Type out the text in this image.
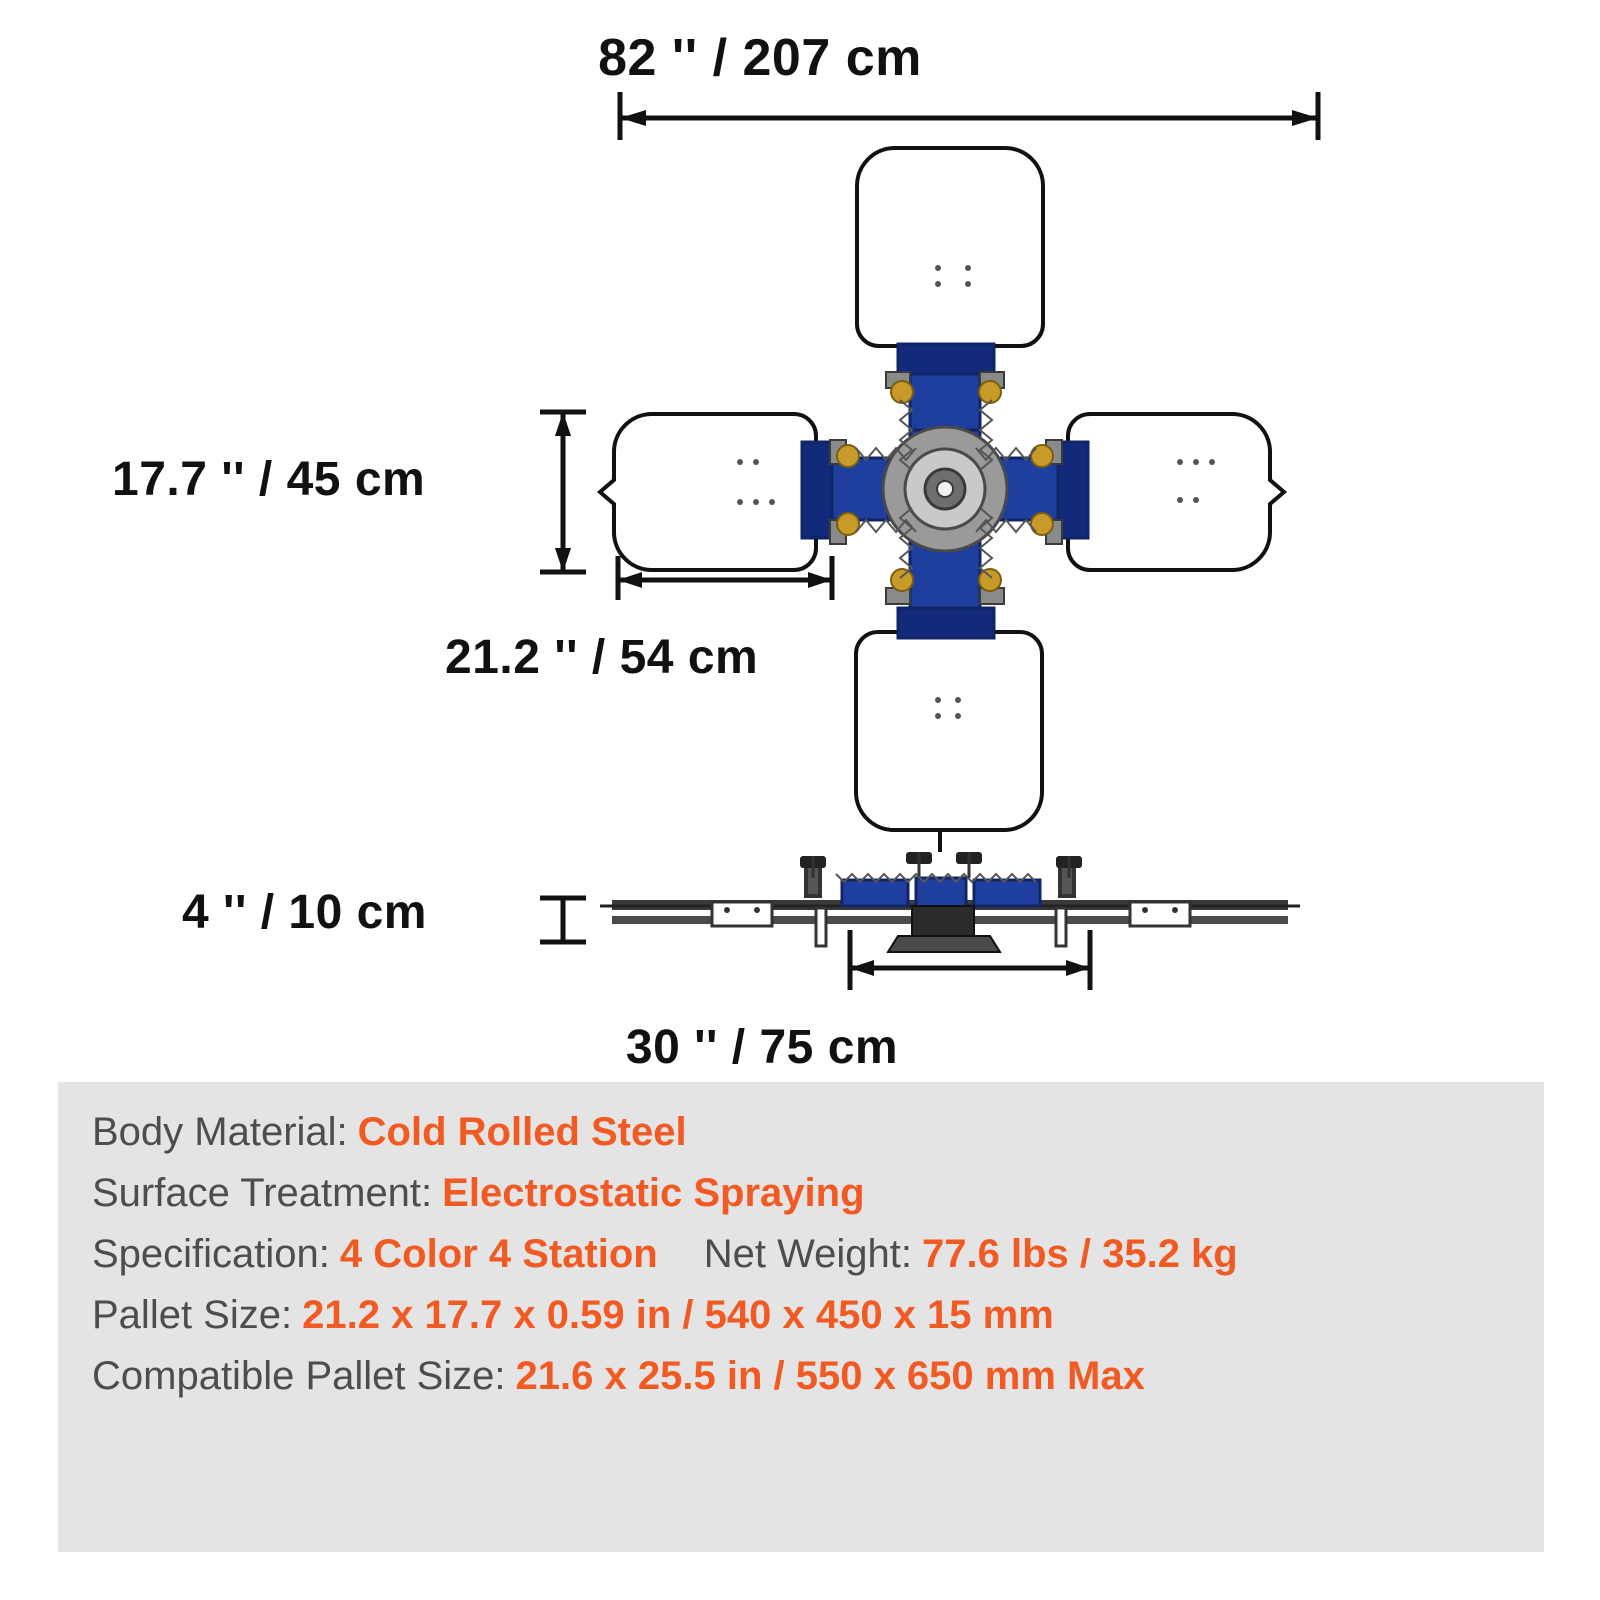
82 '' / 207 cm
17.7 '' / 45 cm
21.2 '' / 54 cm
4 '' / 10 cm
30 '' / 75 cm
Body Material: Cold Rolled Steel
Surface Treatment: Electrostatic Spraying
Specification: 4 Color 4 Station Net Weight: 77.6 lbs / 35.2 kg
Pallet Size: 21.2 x 17.7 x 0.59 in / 540 x 450 x 15 mm
Compatible Pallet Size: 21.6 x 25.5 in / 550 x 650 mm Max
